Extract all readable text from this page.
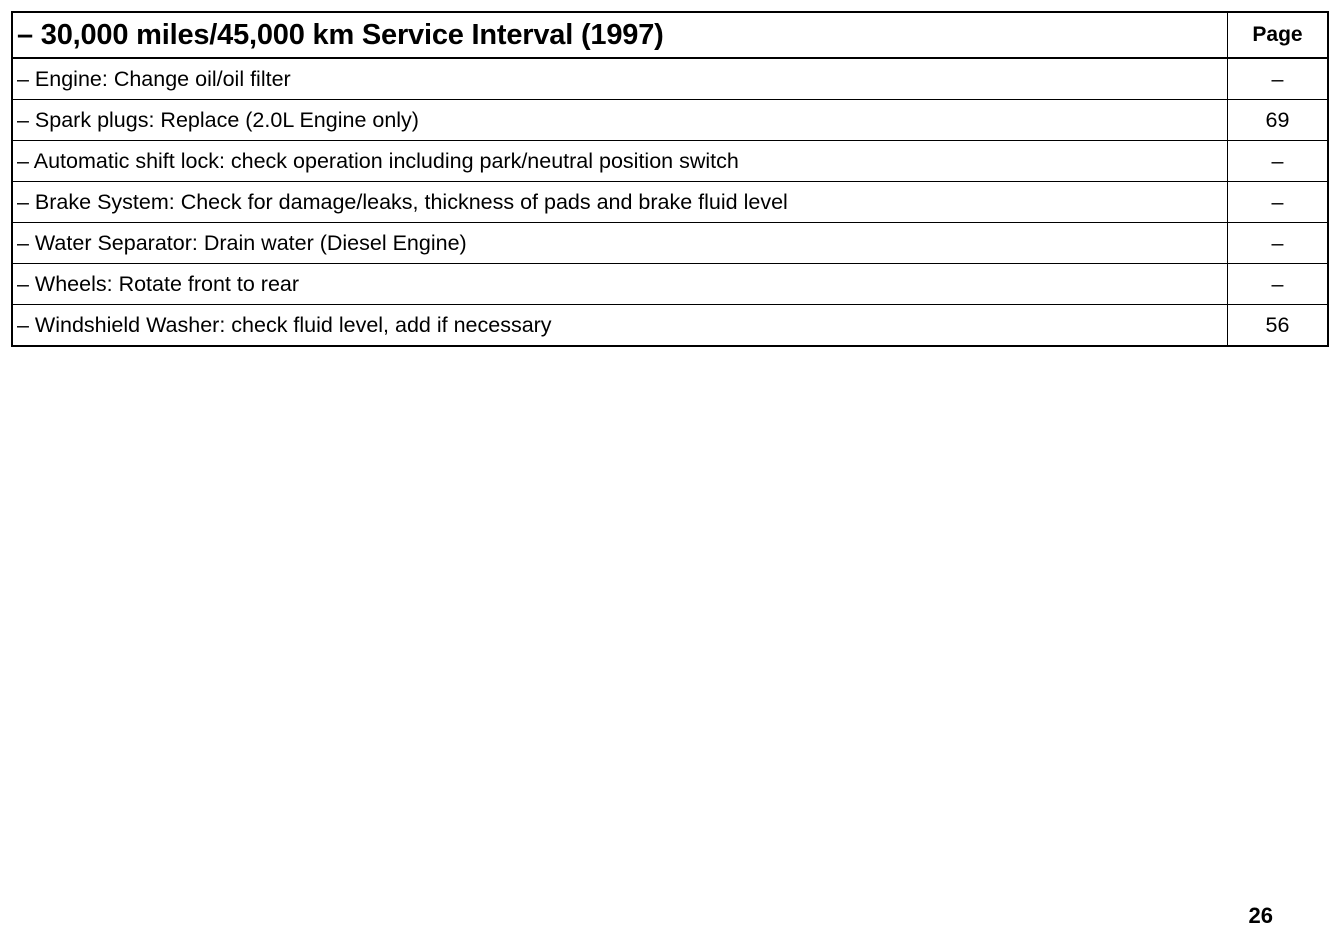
– 30,000 miles/45,000 km Service Interval (1997)	Page
– Engine: Change oil/oil filter	–
– Spark plugs: Replace (2.0L Engine only)	69
– Automatic shift lock: check operation including park/neutral position switch	–
– Brake System: Check for damage/leaks, thickness of pads and brake fluid level	–
– Water Separator: Drain water (Diesel Engine)	–
– Wheels: Rotate front to rear	–
– Windshield Washer: check fluid level, add if necessary	56
26
